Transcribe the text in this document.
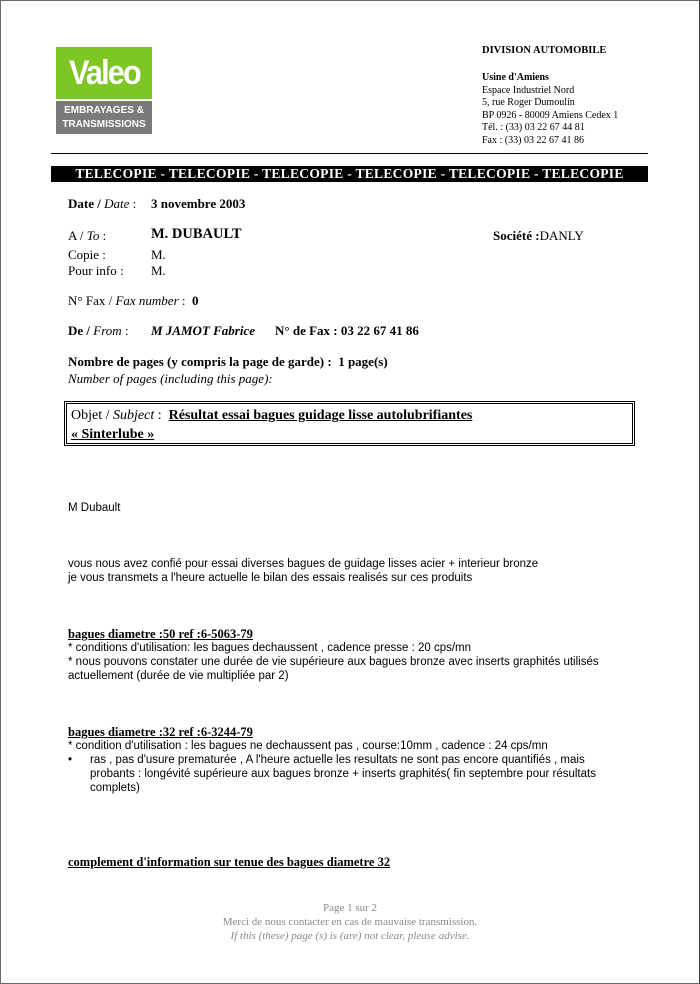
Valeo
EMBRAYAGES &
TRANSMISSIONS
DIVISION AUTOMOBILE
Usine d'Amiens
Espace Industriel Nord
5, rue Roger Dumoulin
BP 0926 - 80009 Amiens Cedex 1
Tél. : (33) 03 22 67 44 81
Fax : (33) 03 22 67 41 86
TELECOPIE - TELECOPIE - TELECOPIE - TELECOPIE - TELECOPIE - TELECOPIE
Date / Date : 3 novembre 2003
A / To :	M. DUBAULT	Société :DANLY
Copie :	M.
Pour info : M.
N° Fax / Fax number : 0
De / From : M JAMOT Fabrice N° de Fax : 03 22 67 41 86
Nombre de pages (y compris la page de garde) : 1 page(s)
Number of pages (including this page):
Objet / Subject : Résultat essai bagues guidage lisse autolubrifiantes
« Sinterlube »
M Dubault
vous nous avez confié pour essai diverses bagues de guidage lisses acier + interieur bronze
je vous transmets a l'heure actuelle le bilan des essais realisés sur ces produits
bagues diametre :50 ref :6-5063-79
* conditions d'utilisation: les bagues dechaussent , cadence presse : 20 cps/mn
* nous pouvons constater une durée de vie supérieure aux bagues bronze avec inserts graphités utilisés
actuellement (durée de vie multipliée par 2)
bagues diametre :32 ref :6-3244-79
* condition d'utilisation : les bagues ne dechaussent pas , course:10mm , cadence : 24 cps/mn
• ras , pas d'usure prematurée , A l'heure actuelle les resultats ne sont pas encore quantifiés , mais
probants : longévité supérieure aux bagues bronze + inserts graphités( fin septembre pour résultats
complets)
complement d'information sur tenue des bagues diametre 32
Page 1 sur 2
Merci de nous contacter en cas de mauvaise transmission.
If this (these) page (s) is (are) not clear, please advise.
